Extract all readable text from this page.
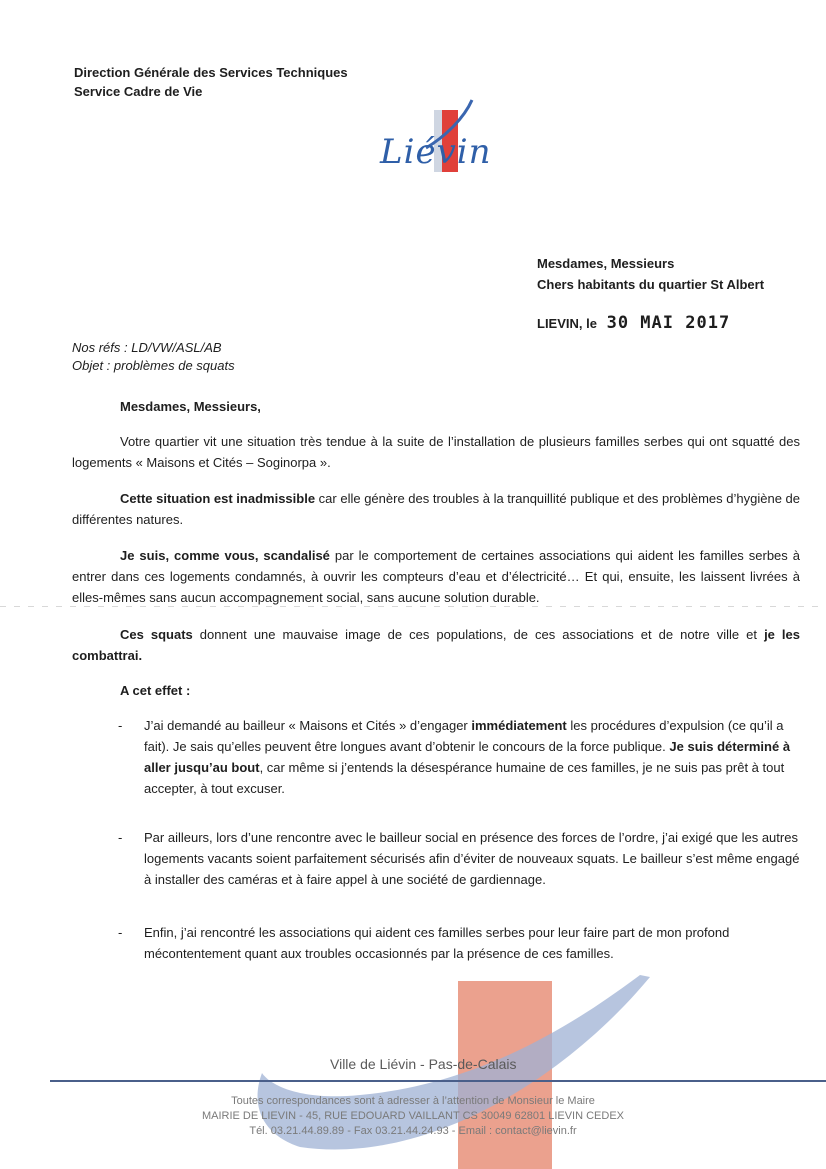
Direction Générale des Services Techniques
Service Cadre de Vie
Liévin
Mesdames, Messieurs
Chers habitants du quartier St Albert
LIEVIN, le 30 MAI 2017
Nos réfs : LD/VW/ASL/AB
Objet : problèmes de squats
Mesdames, Messieurs,
Votre quartier vit une situation très tendue à la suite de l’installation de plusieurs familles serbes qui ont squatté des logements « Maisons et Cités – Soginorpa ».
Cette situation est inadmissible car elle génère des troubles à la tranquillité publique et des problèmes d’hygiène de différentes natures.
Je suis, comme vous, scandalisé par le comportement de certaines associations qui aident les familles serbes à entrer dans ces logements condamnés, à ouvrir les compteurs d’eau et d’électricité… Et qui, ensuite, les laissent livrées à elles-mêmes sans aucun accompagnement social, sans aucune solution durable.
Ces squats donnent une mauvaise image de ces populations, de ces associations et de notre ville et je les combattrai.
A cet effet :
- J’ai demandé au bailleur « Maisons et Cités » d’engager immédiatement les procédures d’expulsion (ce qu’il a fait). Je sais qu’elles peuvent être longues avant d’obtenir le concours de la force publique. Je suis déterminé à aller jusqu’au bout, car même si j’entends la désespérance humaine de ces familles, je ne suis pas prêt à tout accepter, à tout excuser.
- Par ailleurs, lors d’une rencontre avec le bailleur social en présence des forces de l’ordre, j’ai exigé que les autres logements vacants soient parfaitement sécurisés afin d’éviter de nouveaux squats. Le bailleur s’est même engagé à installer des caméras et à faire appel à une société de gardiennage.
- Enfin, j’ai rencontré les associations qui aident ces familles serbes pour leur faire part de mon profond mécontentement quant aux troubles occasionnés par la présence de ces familles.
Ville de Liévin - Pas-de-Calais
Toutes correspondances sont à adresser à l’attention de Monsieur le Maire
MAIRIE DE LIEVIN - 45, RUE EDOUARD VAILLANT CS 30049 62801 LIEVIN CEDEX
Tél. 03.21.44.89.89 - Fax 03.21.44.24.93 - Email : contact@lievin.fr
